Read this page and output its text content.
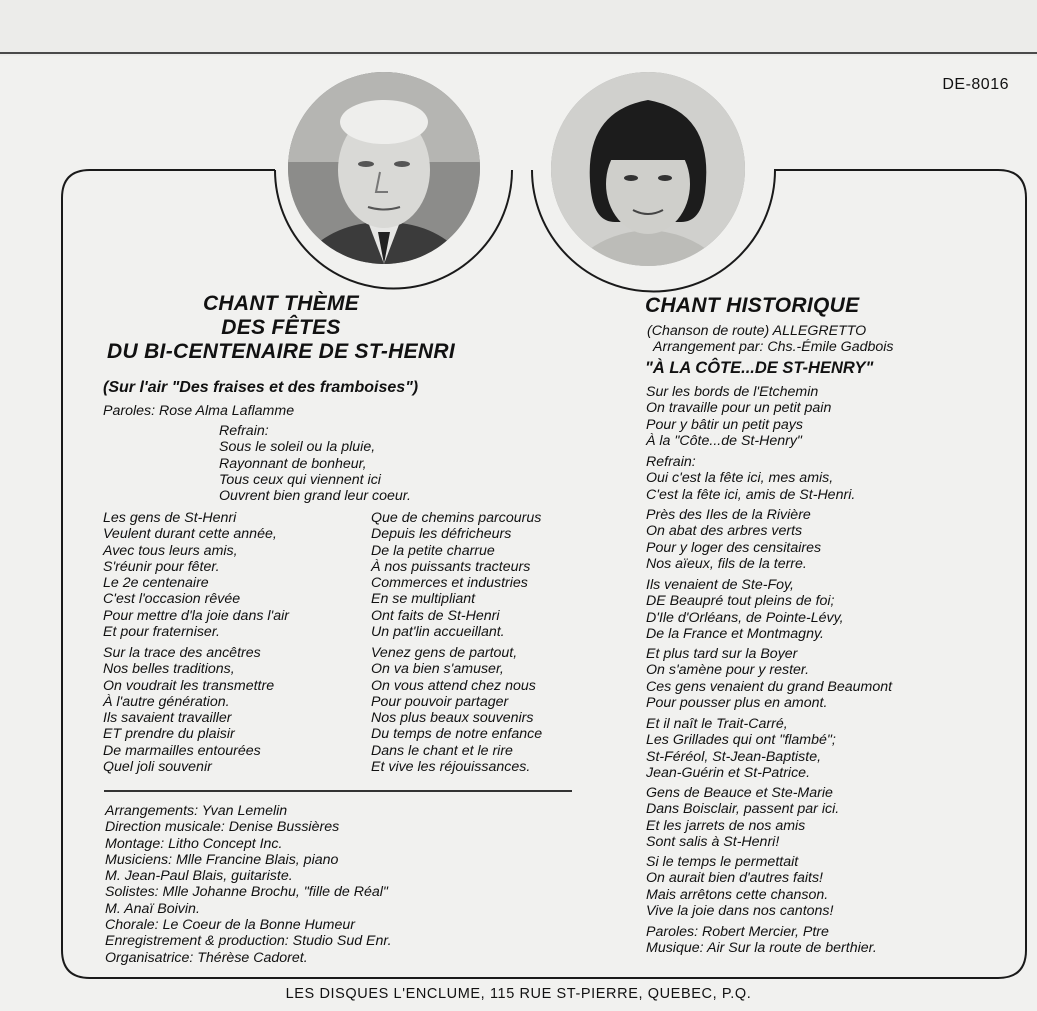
DE-8016
CHANT THÈME
DES FÊTES
DU BI-CENTENAIRE DE ST-HENRI
(Sur l'air "Des fraises et des framboises")
Paroles: Rose Alma Laflamme
Refrain:
Sous le soleil ou la pluie,
Rayonnant de bonheur,
Tous ceux qui viennent ici
Ouvrent bien grand leur coeur.
Les gens de St-Henri
Veulent durant cette année,
Avec tous leurs amis,
S'réunir pour fêter.
Le 2e centenaire
C'est l'occasion rêvée
Pour mettre d'la joie dans l'air
Et pour fraterniser.
Sur la trace des ancêtres
Nos belles traditions,
On voudrait les transmettre
À l'autre génération.
Ils savaient travailler
ET prendre du plaisir
De marmailles entourées
Quel joli souvenir
Que de chemins parcourus
Depuis les défricheurs
De la petite charrue
À nos puissants tracteurs
Commerces et industries
En se multipliant
Ont faits de St-Henri
Un pat'lin accueillant.
Venez gens de partout,
On va bien s'amuser,
On vous attend chez nous
Pour pouvoir partager
Nos plus beaux souvenirs
Du temps de notre enfance
Dans le chant et le rire
Et vive les réjouissances.
Arrangements: Yvan Lemelin
Direction musicale: Denise Bussières
Montage: Litho Concept Inc.
Musiciens: Mlle Francine Blais, piano
M. Jean-Paul Blais, guitariste.
Solistes: Mlle Johanne Brochu, "fille de Réal"
M. Anaï Boivin.
Chorale: Le Coeur de la Bonne Humeur
Enregistrement & production: Studio Sud Enr.
Organisatrice: Thérèse Cadoret.
CHANT HISTORIQUE
(Chanson de route) ALLEGRETTO
Arrangement par: Chs.-Émile Gadbois
"À LA CÔTE...DE ST-HENRY"
Sur les bords de l'Etchemin
On travaille pour un petit pain
Pour y bâtir un petit pays
À la "Côte...de St-Henry"
Refrain:
Oui c'est la fête ici, mes amis,
C'est la fête ici, amis de St-Henri.
Près des Iles de la Rivière
On abat des arbres verts
Pour y loger des censitaires
Nos aïeux, fils de la terre.
Ils venaient de Ste-Foy,
DE Beaupré tout pleins de foi;
D'Ile d'Orléans, de Pointe-Lévy,
De la France et Montmagny.
Et plus tard sur la Boyer
On s'amène pour y rester.
Ces gens venaient du grand Beaumont
Pour pousser plus en amont.
Et il naît le Trait-Carré,
Les Grillades qui ont "flambé";
St-Féréol, St-Jean-Baptiste,
Jean-Guérin et St-Patrice.
Gens de Beauce et Ste-Marie
Dans Boisclair, passent par ici.
Et les jarrets de nos amis
Sont salis à St-Henri!
Si le temps le permettait
On aurait bien d'autres faits!
Mais arrêtons cette chanson.
Vive la joie dans nos cantons!
Paroles: Robert Mercier, Ptre
Musique: Air Sur la route de berthier.
LES DISQUES L'ENCLUME, 115 RUE ST-PIERRE, QUEBEC, P.Q.
